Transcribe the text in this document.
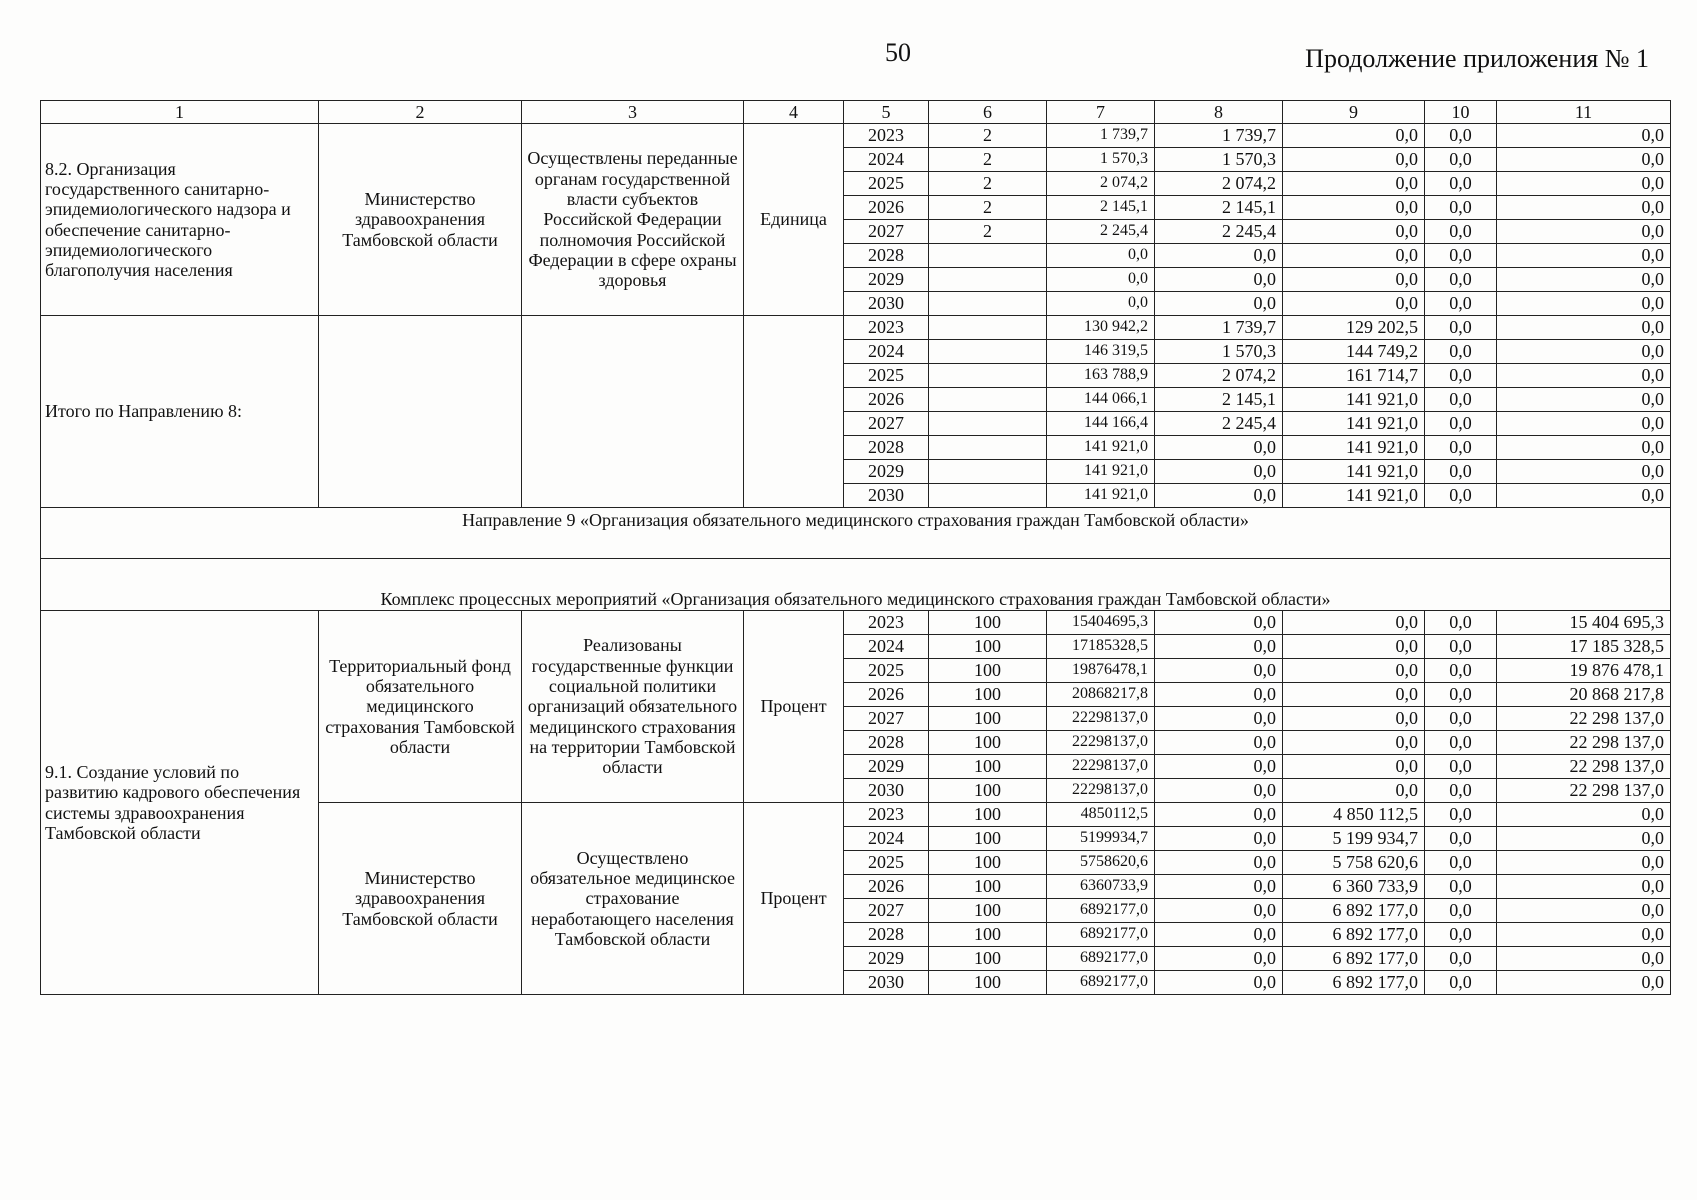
50	Продолжение приложения № 1
1	2	3	4	5	6	7	8	9	10	11
8.2. Организация государственного санитарно-эпидемиологического надзора и обеспечение санитарно-эпидемиологического благополучия населения	Министерство здравоохранения Тамбовской области	Осуществлены переданные органам государственной власти субъектов Российской Федерации полномочия Российской Федерации в сфере охраны здоровья	Единица	2023	2	1 739,7	1 739,7	0,0	0,0	0,0
				2024	2	1 570,3	1 570,3	0,0	0,0	0,0
				2025	2	2 074,2	2 074,2	0,0	0,0	0,0
				2026	2	2 145,1	2 145,1	0,0	0,0	0,0
				2027	2	2 245,4	2 245,4	0,0	0,0	0,0
				2028		0,0	0,0	0,0	0,0	0,0
				2029		0,0	0,0	0,0	0,0	0,0
				2030		0,0	0,0	0,0	0,0	0,0
Итого по Направлению 8:				2023		130 942,2	1 739,7	129 202,5	0,0	0,0
				2024		146 319,5	1 570,3	144 749,2	0,0	0,0
				2025		163 788,9	2 074,2	161 714,7	0,0	0,0
				2026		144 066,1	2 145,1	141 921,0	0,0	0,0
				2027		144 166,4	2 245,4	141 921,0	0,0	0,0
				2028		141 921,0	0,0	141 921,0	0,0	0,0
				2029		141 921,0	0,0	141 921,0	0,0	0,0
				2030		141 921,0	0,0	141 921,0	0,0	0,0
Направление 9 «Организация обязательного медицинского страхования граждан Тамбовской области»										
Комплекс процессных мероприятий «Организация обязательного медицинского страхования граждан Тамбовской области»										
9.1. Создание условий по развитию кадрового обеспечения системы здравоохранения Тамбовской области	Территориальный фонд обязательного медицинского страхования Тамбовской области	Реализованы государственные функции социальной политики организаций обязательного медицинского страхования на территории Тамбовской области	Процент	2023	100	15404695,3	0,0	0,0	0,0	15 404 695,3
				2024	100	17185328,5	0,0	0,0	0,0	17 185 328,5
				2025	100	19876478,1	0,0	0,0	0,0	19 876 478,1
				2026	100	20868217,8	0,0	0,0	0,0	20 868 217,8
				2027	100	22298137,0	0,0	0,0	0,0	22 298 137,0
				2028	100	22298137,0	0,0	0,0	0,0	22 298 137,0
				2029	100	22298137,0	0,0	0,0	0,0	22 298 137,0
				2030	100	22298137,0	0,0	0,0	0,0	22 298 137,0
	Министерство здравоохранения Тамбовской области	Осуществлено обязательное медицинское страхование неработающего населения Тамбовской области	Процент	2023	100	4850112,5	0,0	4 850 112,5	0,0	0,0
				2024	100	5199934,7	0,0	5 199 934,7	0,0	0,0
				2025	100	5758620,6	0,0	5 758 620,6	0,0	0,0
				2026	100	6360733,9	0,0	6 360 733,9	0,0	0,0
				2027	100	6892177,0	0,0	6 892 177,0	0,0	0,0
				2028	100	6892177,0	0,0	6 892 177,0	0,0	0,0
				2029	100	6892177,0	0,0	6 892 177,0	0,0	0,0
				2030	100	6892177,0	0,0	6 892 177,0	0,0	0,0
